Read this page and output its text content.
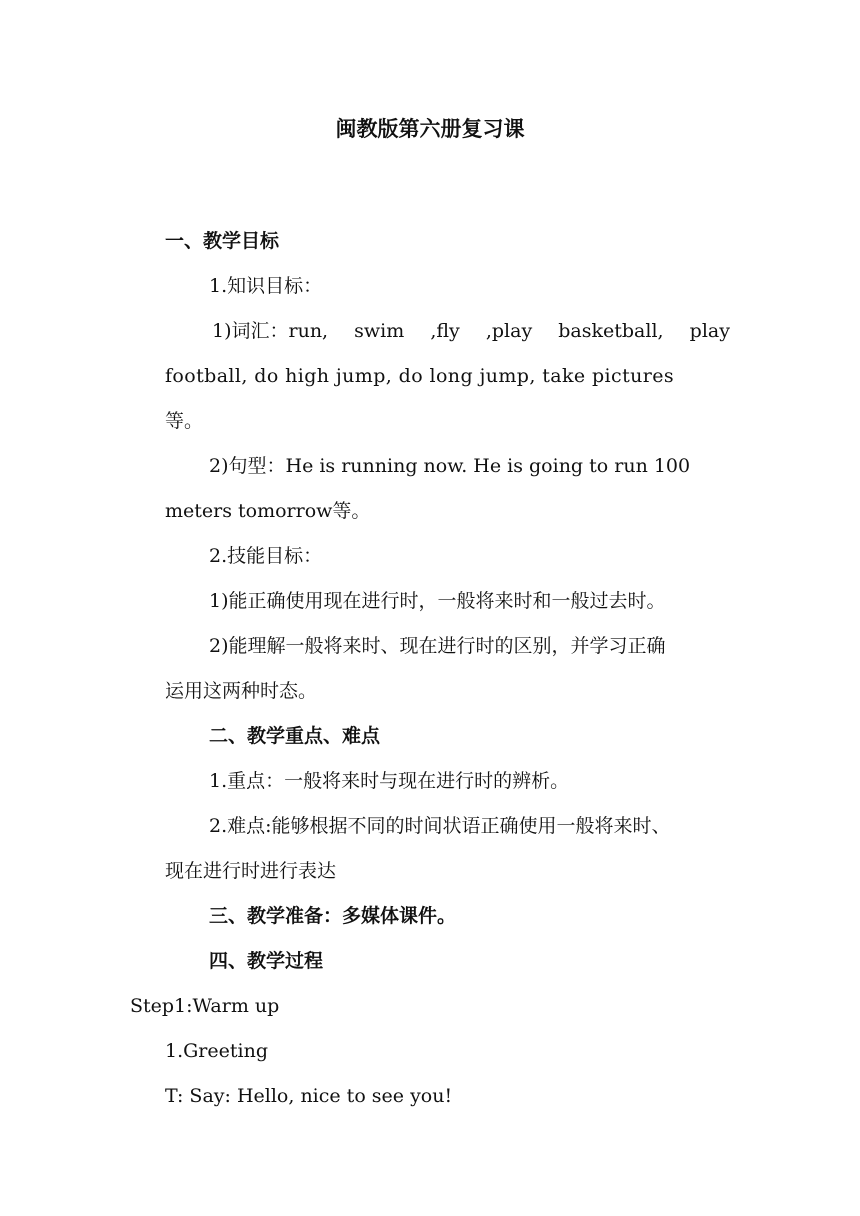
闽教版第六册复习课

一、教学目标

1.知识目标：

1)词汇：run, swim ,fly ,play basketball, play

football, do high jump, do long jump, take pictures

等。

2)句型：He is running now. He is going to run 100

meters tomorrow等。

2.技能目标：

1)能正确使用现在进行时，一般将来时和一般过去时。

2)能理解一般将来时、现在进行时的区别，并学习正确

运用这两种时态。

二、教学重点、难点

1.重点：一般将来时与现在进行时的辨析。

2.难点:能够根据不同的时间状语正确使用一般将来时、

现在进行时进行表达

三、教学准备：多媒体课件。

四、教学过程

Step1:Warm up

1.Greeting

T: Say: Hello, nice to see you!
